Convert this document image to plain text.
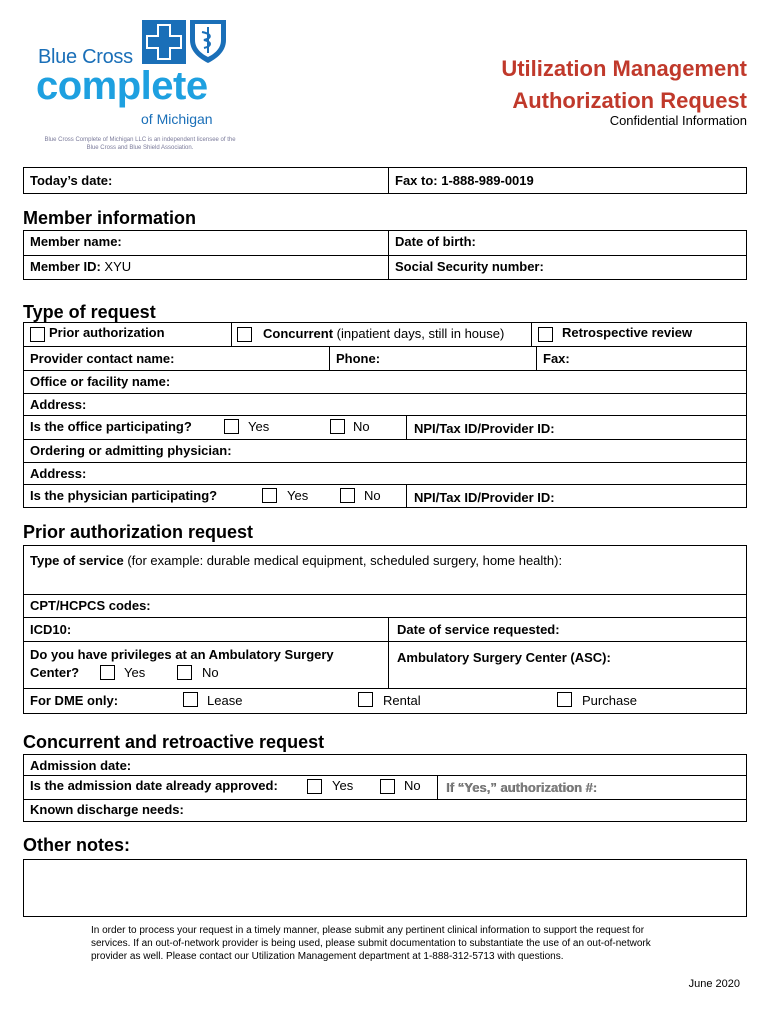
Blue Cross
complete
of Michigan
Blue Cross Complete of Michigan LLC is an independent licensee of the Blue Cross and Blue Shield Association.
Utilization Management
Authorization Request
Confidential Information
Today’s date:	Fax to: 1-888-989-0019
Member information
Member name:	Date of birth:
Member ID: XYU	Social Security number:
Type of request
Prior authorization	Concurrent (inpatient days, still in house)	Retrospective review
Provider contact name:	Phone:	Fax:
Office or facility name:
Address:
Is the office participating?	Yes	No	NPI/Tax ID/Provider ID:
Ordering or admitting physician:
Address:
Is the physician participating?	Yes	No	NPI/Tax ID/Provider ID:
Prior authorization request
Type of service (for example: durable medical equipment, scheduled surgery, home health):
CPT/HCPCS codes:
ICD10:	Date of service requested:
Do you have privileges at an Ambulatory Surgery
Center?	Yes	No
Ambulatory Surgery Center (ASC):
For DME only:	Lease	Rental	Purchase
Concurrent and retroactive request
Admission date:
Is the admission date already approved:	Yes	No If “Yes,” authorization #:
Known discharge needs:
Other notes:
In order to process your request in a timely manner, please submit any pertinent clinical information to support the request for services. If an out-of-network provider is being used, please submit documentation to substantiate the use of an out-of-network provider as well. Please contact our Utilization Management department at 1-888-312-5713 with questions.
June 2020
